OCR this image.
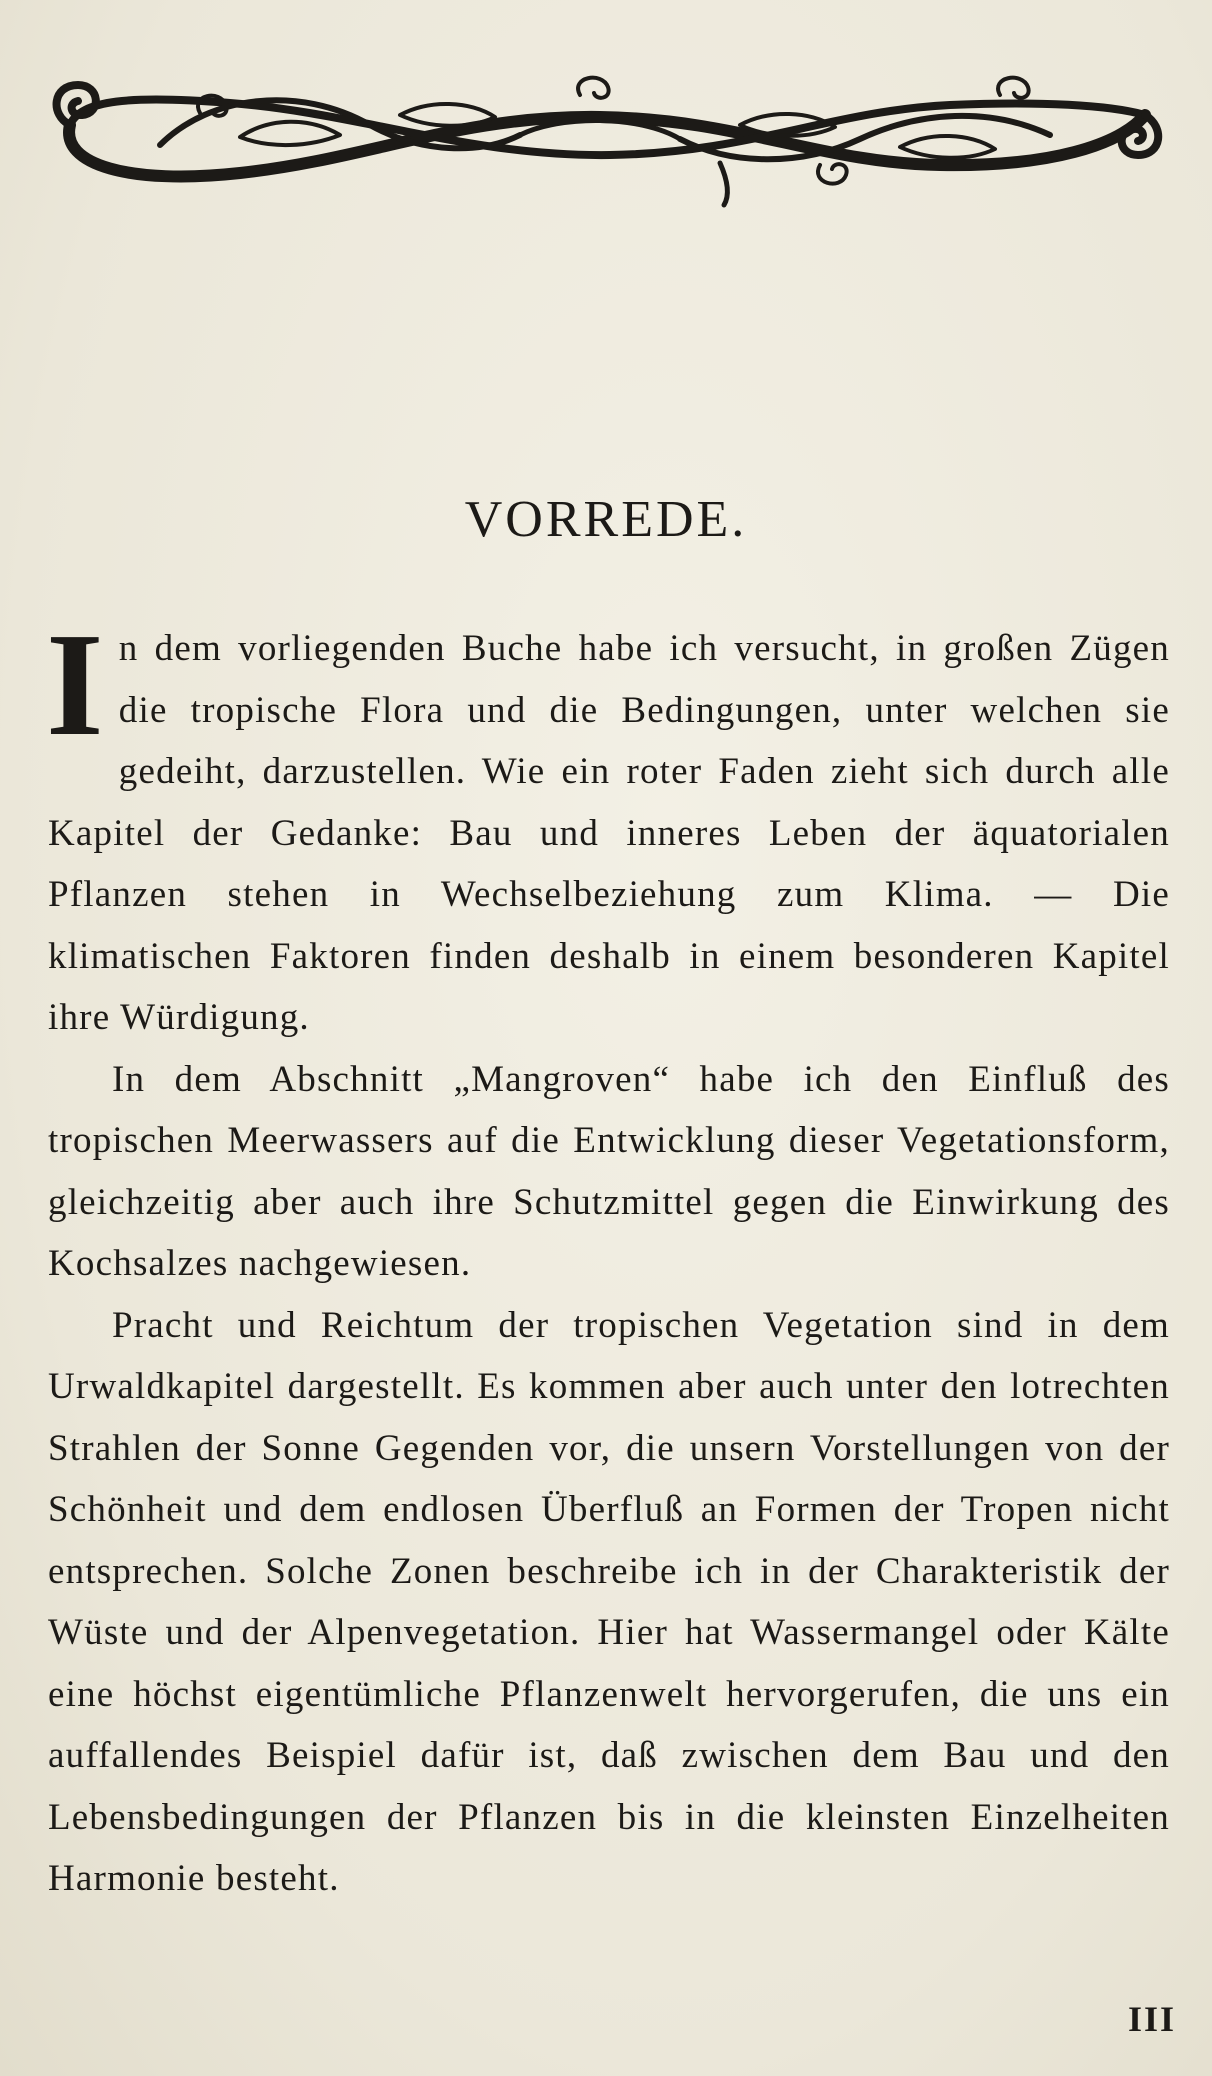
VORREDE.

In dem vorliegenden Buche habe ich versucht, in großen Zügen die tropische Flora und die Bedingungen, unter welchen sie gedeiht, darzustellen. Wie ein roter Faden zieht sich durch alle Kapitel der Gedanke: Bau und inneres Leben der äquatorialen Pflanzen stehen in Wechselbeziehung zum Klima. — Die klimatischen Faktoren finden deshalb in einem besonderen Kapitel ihre Würdigung.

In dem Abschnitt „Mangroven“ habe ich den Einfluß des tropischen Meerwassers auf die Entwicklung dieser Vegetationsform, gleichzeitig aber auch ihre Schutzmittel gegen die Einwirkung des Kochsalzes nachgewiesen.

Pracht und Reichtum der tropischen Vegetation sind in dem Urwaldkapitel dargestellt. Es kommen aber auch unter den lotrechten Strahlen der Sonne Gegenden vor, die unsern Vorstellungen von der Schönheit und dem endlosen Überfluß an Formen der Tropen nicht entsprechen. Solche Zonen beschreibe ich in der Charakteristik der Wüste und der Alpenvegetation. Hier hat Wassermangel oder Kälte eine höchst eigentümliche Pflanzenwelt hervorgerufen, die uns ein auffallendes Beispiel dafür ist, daß zwischen dem Bau und den Lebensbedingungen der Pflanzen bis in die kleinsten Einzelheiten Harmonie besteht.

III
